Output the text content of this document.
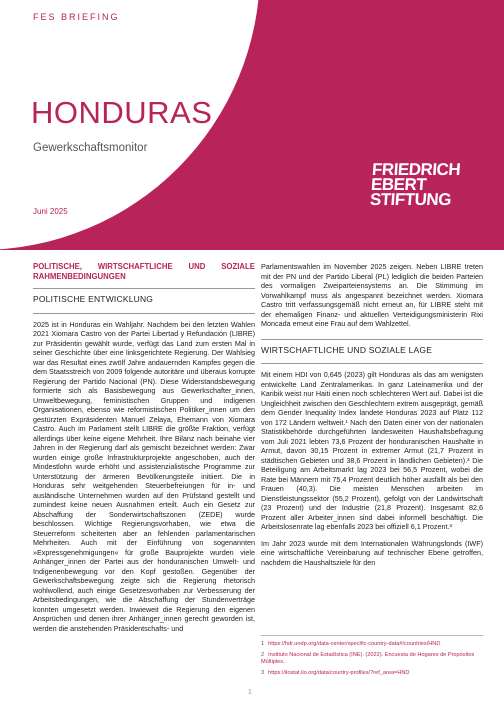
FES BRIEFING
HONDURAS
Gewerkschaftsmonitor
Juni 2025
FRIEDRICH
EBERT
STIFTUNG
POLITISCHE, WIRTSCHAFTLICHE UND SOZIALE RAHMENBEDINGUNGEN
POLITISCHE ENTWICKLUNG

2025 ist in Honduras ein Wahljahr. Nachdem bei den letzten Wahlen 2021 Xiomara Castro von der Partei Libertad y Refundación (LIBRE) zur Präsidentin gewählt wurde, verfügt das Land zum ersten Mal in seiner Geschichte über eine linksgerichtete Regierung. Der Wahlsieg war das Resultat eines zwölf Jahre andauernden Kampfes gegen die dem Staatsstreich von 2009 folgende autoritäre und überaus korrupte Regierung der Partido Nacional (PN). Diese Widerstandsbewegung formierte sich als Basisbewegung aus Gewerkschafter_innen, Umweltbewegung, feministischen Gruppen und indigenen Organisationen, ebenso wie reformistischen Politiker_innen um den gestürzten Expräsidenten Manuel Zelaya, Ehemann von Xiomara Castro. Auch im Parlament stellt LIBRE die größte Fraktion, verfügt allerdings über keine eigene Mehrheit. Ihre Bilanz nach beinahe vier Jahren in der Regierung darf als gemischt bezeichnet werden: Zwar wurden einige große Infrastrukturprojekte angeschoben, auch der Mindestlohn wurde erhöht und assistenzialistische Programme zur Unterstützung der ärmeren Bevölkerungsteile initiiert. Die in Honduras sehr weitgehenden Steuerbefreiungen für in- und ausländische Unternehmen wurden auf den Prüfstand gestellt und zumindest keine neuen Ausnahmen erteilt. Auch ein Gesetz zur Abschaffung der Sonderwirtschaftszonen (ZEDE) wurde beschlossen. Wichtige Regierungsvorhaben, wie etwa die Steuerreform scheiterten aber an fehlenden parlamentarischen Mehrheiten. Auch mit der Einführung von sogenannten »Expressgenehmigungen« für große Bauprojekte wurden viele Anhänger_innen der Partei aus der honduranischen Umwelt- und Indigenenbewegung vor den Kopf gestoßen. Gegenüber der Gewerkschaftsbewegung zeigte sich die Regierung rhetorisch wohlwollend, auch einige Gesetzesvorhaben zur Verbesserung der Arbeitsbedingungen, wie die Abschaffung der Stundenverträge konnten umgesetzt werden. Inwieweit die Regierung den eigenen Ansprüchen und denen ihrer Anhänger_innen gerecht geworden ist, werden die anstehenden Präsidentschafts- und

Parlamentswahlen im November 2025 zeigen. Neben LIBRE treten mit der PN und der Partido Liberal (PL) lediglich die beiden Parteien des vormaligen Zweiparteiensystems an. Die Stimmung im Vorwahlkampf muss als angespannt bezeichnet werden. Xiomara Castro tritt verfassungsgemäß nicht erneut an, für LIBRE steht mit der ehemaligen Finanz- und aktuellen Verteidigungsministerin Rixi Moncada erneut eine Frau auf dem Wahlzettel.

WIRTSCHAFTLICHE UND SOZIALE LAGE

Mit einem HDI von 0,645 (2023) gilt Honduras als das am wenigsten entwickelte Land Zentralamerikas. In ganz Lateinamerika und der Karibik weist nur Haiti einen noch schlechteren Wert auf. Dabei ist die Ungleichheit zwischen den Geschlechtern extrem ausgeprägt, gemäß dem Gender Inequality Index landete Honduras 2023 auf Platz 112 von 172 Ländern weltweit.¹ Nach den Daten einer von der nationalen Statistikbehörde durchgeführten landesweiten Haushaltsbefragung vom Juli 2021 lebten 73,6 Prozent der honduranischen Haushalte in Armut, davon 30,15 Prozent in extremer Armut (21,7 Prozent in städtischen Gebieten und 38,6 Prozent in ländlichen Gebieten).² Die Beteiligung am Arbeitsmarkt lag 2023 bei 56,5 Prozent, wobei die Rate bei Männern mit 75,4 Prozent deutlich höher ausfällt als bei den Frauen (40,3). Die meisten Menschen arbeiten im Dienstleistungssektor (55,2 Prozent), gefolgt von der Landwirtschaft (23 Prozent) und der Industrie (21,8 Prozent). Insgesamt 82,6 Prozent aller Arbeiter_innen sind dabei informell beschäftigt. Die Arbeitslosenrate lag ebenfalls 2023 bei offiziell 6,1 Prozent.³

Im Jahr 2023 wurde mit dem Internationalen Währungsfonds (IWF) eine wirtschaftliche Vereinbarung auf technischer Ebene getroffen, nachdem die Haushaltsziele für den

1 https://hdr.undp.org/data-center/specific-country-data#/countries/HND
2 Instituto Nacional de Estadística (INE). (2022). Encuesta de Hogares de Propósitos Múltiples.
3 https://ilostat.ilo.org/data/country-profiles/?ref_area=HND
1
